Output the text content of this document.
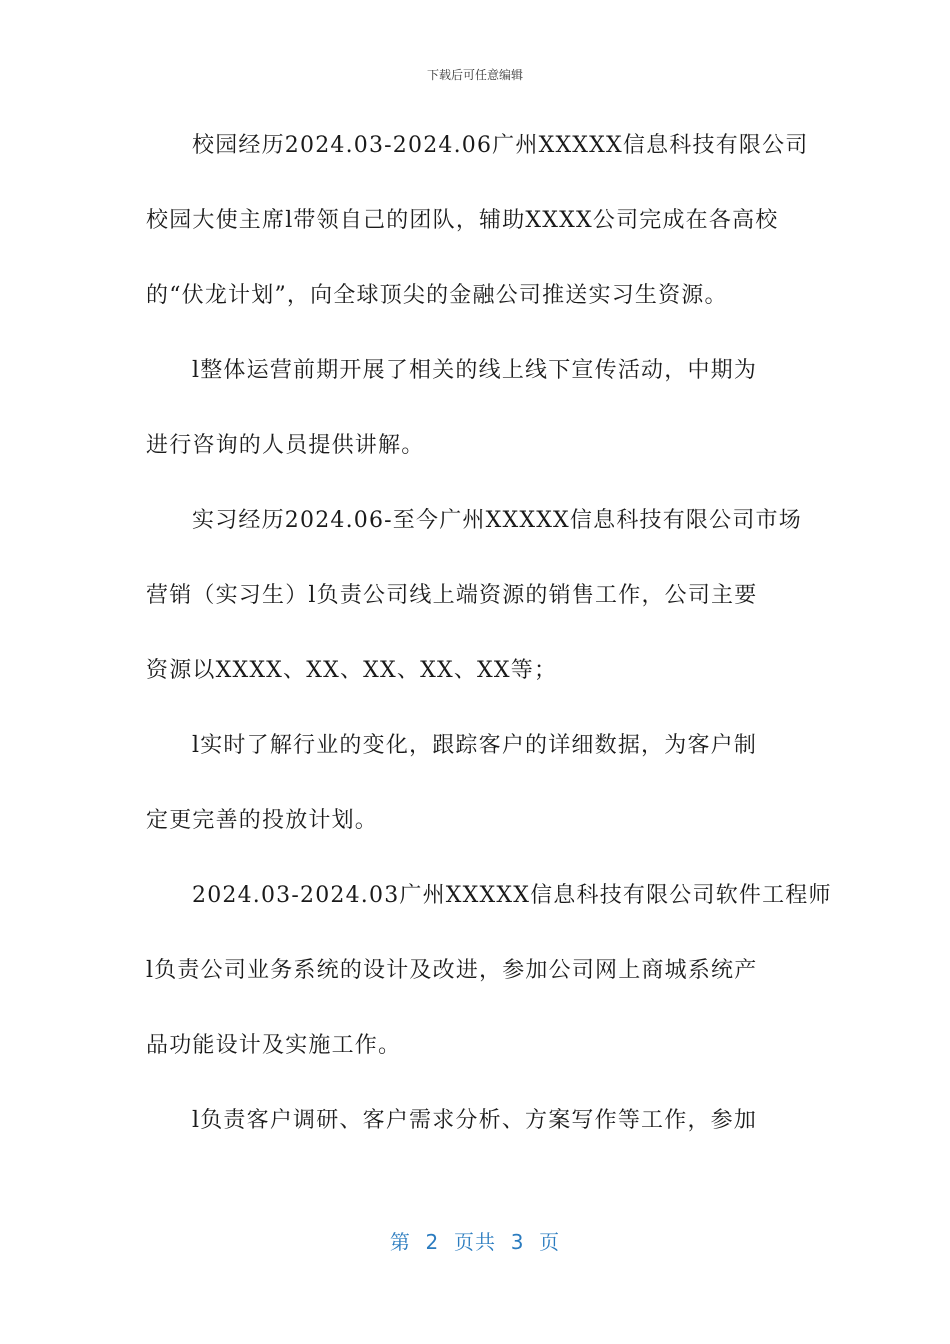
下载后可任意编辑
校园经历2024.03-2024.06广州XXXXX信息科技有限公司
校园大使主席l带领自己的团队，辅助XXXX公司完成在各高校
的“伏龙计划”，向全球顶尖的金融公司推送实习生资源。
l整体运营前期开展了相关的线上线下宣传活动，中期为
进行咨询的人员提供讲解。
实习经历2024.06-至今广州XXXXX信息科技有限公司市场
营销（实习生）l负责公司线上端资源的销售工作，公司主要
资源以XXXX、XX、XX、XX、XX等；
l实时了解行业的变化，跟踪客户的详细数据，为客户制
定更完善的投放计划。
2024.03-2024.03广州XXXXX信息科技有限公司软件工程师
l负责公司业务系统的设计及改进，参加公司网上商城系统产
品功能设计及实施工作。
l负责客户调研、客户需求分析、方案写作等工作，参加
第  2  页共  3  页
